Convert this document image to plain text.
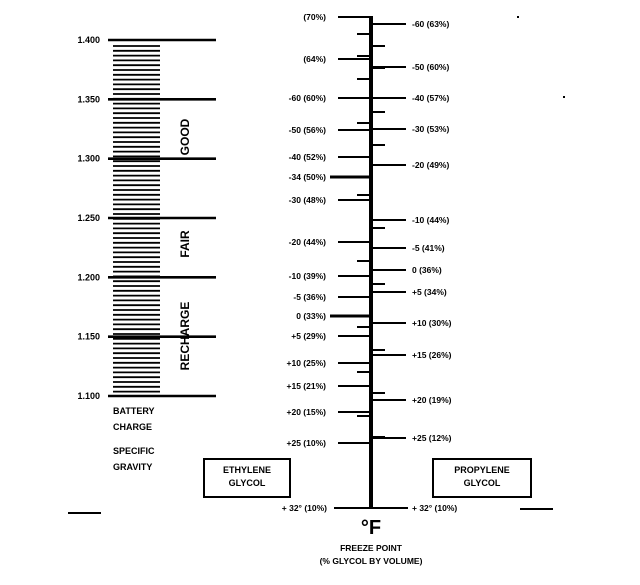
1.400
1.350
1.300
1.250
1.200
1.150
1.100
GOOD
FAIR
RECHARGE
BATTERY
CHARGE
SPECIFIC
GRAVITY
(70%)
(64%)
-60 (60%)
-50 (56%)
-40 (52%)
-34 (50%)
-30 (48%)
-20 (44%)
-10 (39%)
-5 (36%)
0 (33%)
+5 (29%)
+10 (25%)
+15 (21%)
+20 (15%)
+25 (10%)
+ 32° (10%)
-60 (63%)
-50 (60%)
-40 (57%)
-30 (53%)
-20 (49%)
-10 (44%)
-5 (41%)
0 (36%)
+5 (34%)
+10 (30%)
+15 (26%)
+20 (19%)
+25 (12%)
+ 32° (10%)
°F
FREEZE POINT
(% GLYCOL BY VOLUME)
ETHYLENE
GLYCOL
PROPYLENE
GLYCOL
